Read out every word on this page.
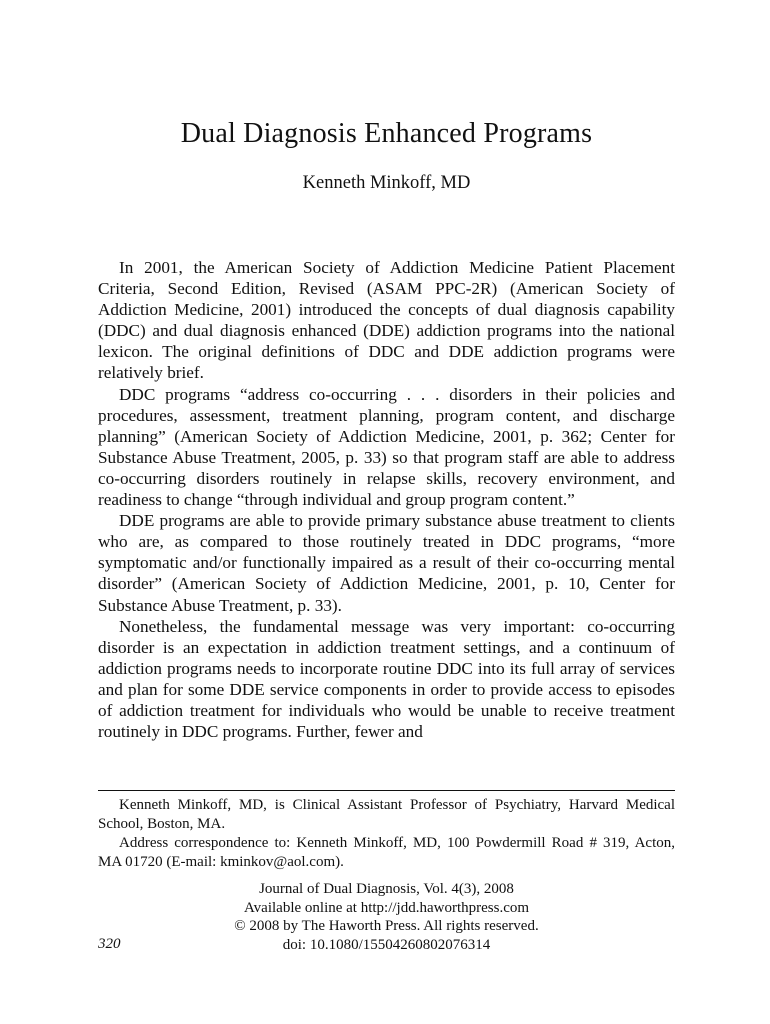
Dual Diagnosis Enhanced Programs
Kenneth Minkoff, MD

In 2001, the American Society of Addiction Medicine Patient Placement Criteria, Second Edition, Revised (ASAM PPC-2R) (American Society of Addiction Medicine, 2001) introduced the concepts of dual diagnosis capability (DDC) and dual diagnosis enhanced (DDE) addiction programs into the national lexicon. The original definitions of DDC and DDE addiction programs were relatively brief.

DDC programs “address co-occurring . . . disorders in their policies and procedures, assessment, treatment planning, program content, and discharge planning” (American Society of Addiction Medicine, 2001, p. 362; Center for Substance Abuse Treatment, 2005, p. 33) so that program staff are able to address co-occurring disorders routinely in relapse skills, recovery environment, and readiness to change “through individual and group program content.”

DDE programs are able to provide primary substance abuse treatment to clients who are, as compared to those routinely treated in DDC programs, “more symptomatic and/or functionally impaired as a result of their co-occurring mental disorder” (American Society of Addiction Medicine, 2001, p. 10, Center for Substance Abuse Treatment, p. 33).

Nonetheless, the fundamental message was very important: co-occurring disorder is an expectation in addiction treatment settings, and a continuum of addiction programs needs to incorporate routine DDC into its full array of services and plan for some DDE service components in order to provide access to episodes of addiction treatment for individuals who would be unable to receive treatment routinely in DDC programs. Further, fewer and

Kenneth Minkoff, MD, is Clinical Assistant Professor of Psychiatry, Harvard Medical School, Boston, MA.

Address correspondence to: Kenneth Minkoff, MD, 100 Powdermill Road # 319, Acton, MA 01720 (E-mail: kminkov@aol.com).

Journal of Dual Diagnosis, Vol. 4(3), 2008
Available online at http://jdd.haworthpress.com
© 2008 by The Haworth Press. All rights reserved.
doi: 10.1080/15504260802076314
320
